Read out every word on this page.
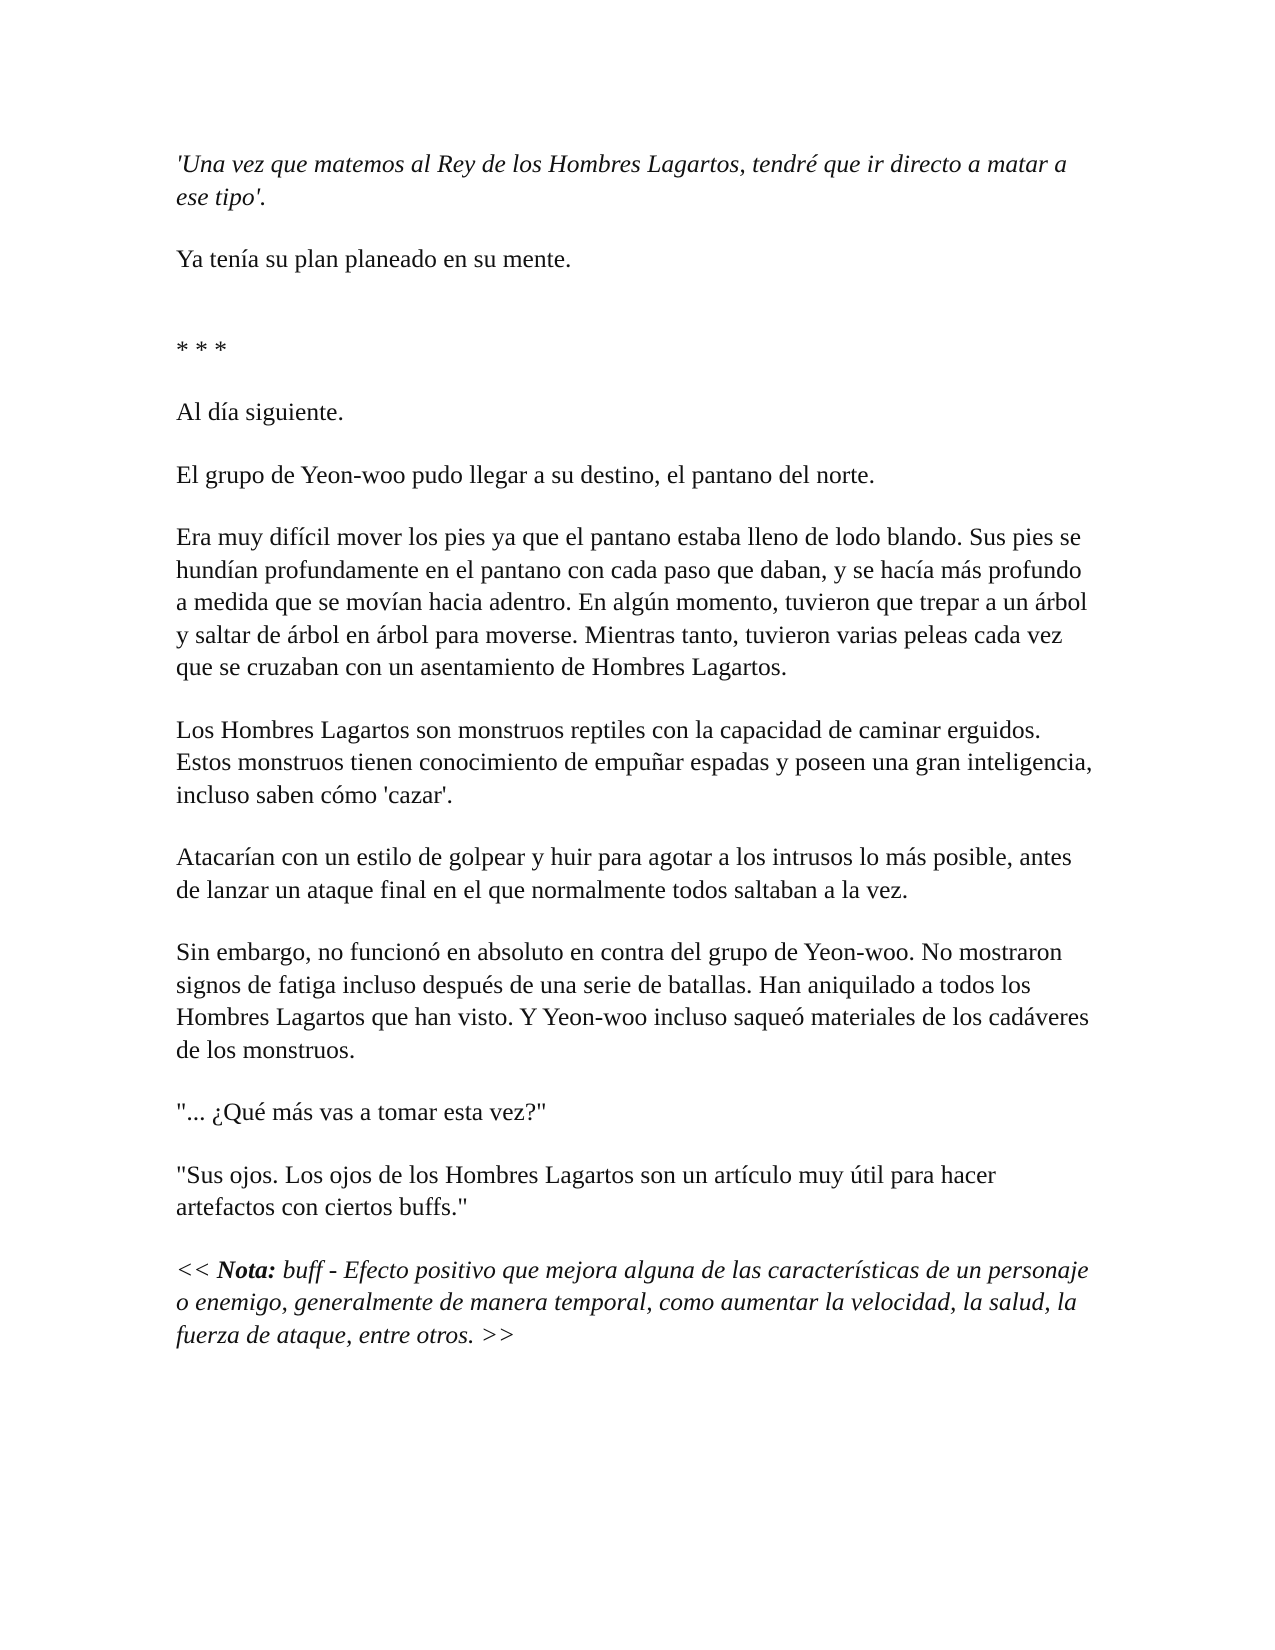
'Una vez que matemos al Rey de los Hombres Lagartos, tendré que ir directo a matar a ese tipo'.

Ya tenía su plan planeado en su mente.

* * *

Al día siguiente.

El grupo de Yeon-woo pudo llegar a su destino, el pantano del norte.

Era muy difícil mover los pies ya que el pantano estaba lleno de lodo blando. Sus pies se hundían profundamente en el pantano con cada paso que daban, y se hacía más profundo a medida que se movían hacia adentro. En algún momento, tuvieron que trepar a un árbol y saltar de árbol en árbol para moverse. Mientras tanto, tuvieron varias peleas cada vez que se cruzaban con un asentamiento de Hombres Lagartos.

Los Hombres Lagartos son monstruos reptiles con la capacidad de caminar erguidos. Estos monstruos tienen conocimiento de empuñar espadas y poseen una gran inteligencia, incluso saben cómo 'cazar'.

Atacarían con un estilo de golpear y huir para agotar a los intrusos lo más posible, antes de lanzar un ataque final en el que normalmente todos saltaban a la vez.

Sin embargo, no funcionó en absoluto en contra del grupo de Yeon-woo. No mostraron signos de fatiga incluso después de una serie de batallas. Han aniquilado a todos los Hombres Lagartos que han visto. Y Yeon-woo incluso saqueó materiales de los cadáveres de los monstruos.

"... ¿Qué más vas a tomar esta vez?"

"Sus ojos. Los ojos de los Hombres Lagartos son un artículo muy útil para hacer artefactos con ciertos buffs."

<< Nota: buff - Efecto positivo que mejora alguna de las características de un personaje o enemigo, generalmente de manera temporal, como aumentar la velocidad, la salud, la fuerza de ataque, entre otros. >>
